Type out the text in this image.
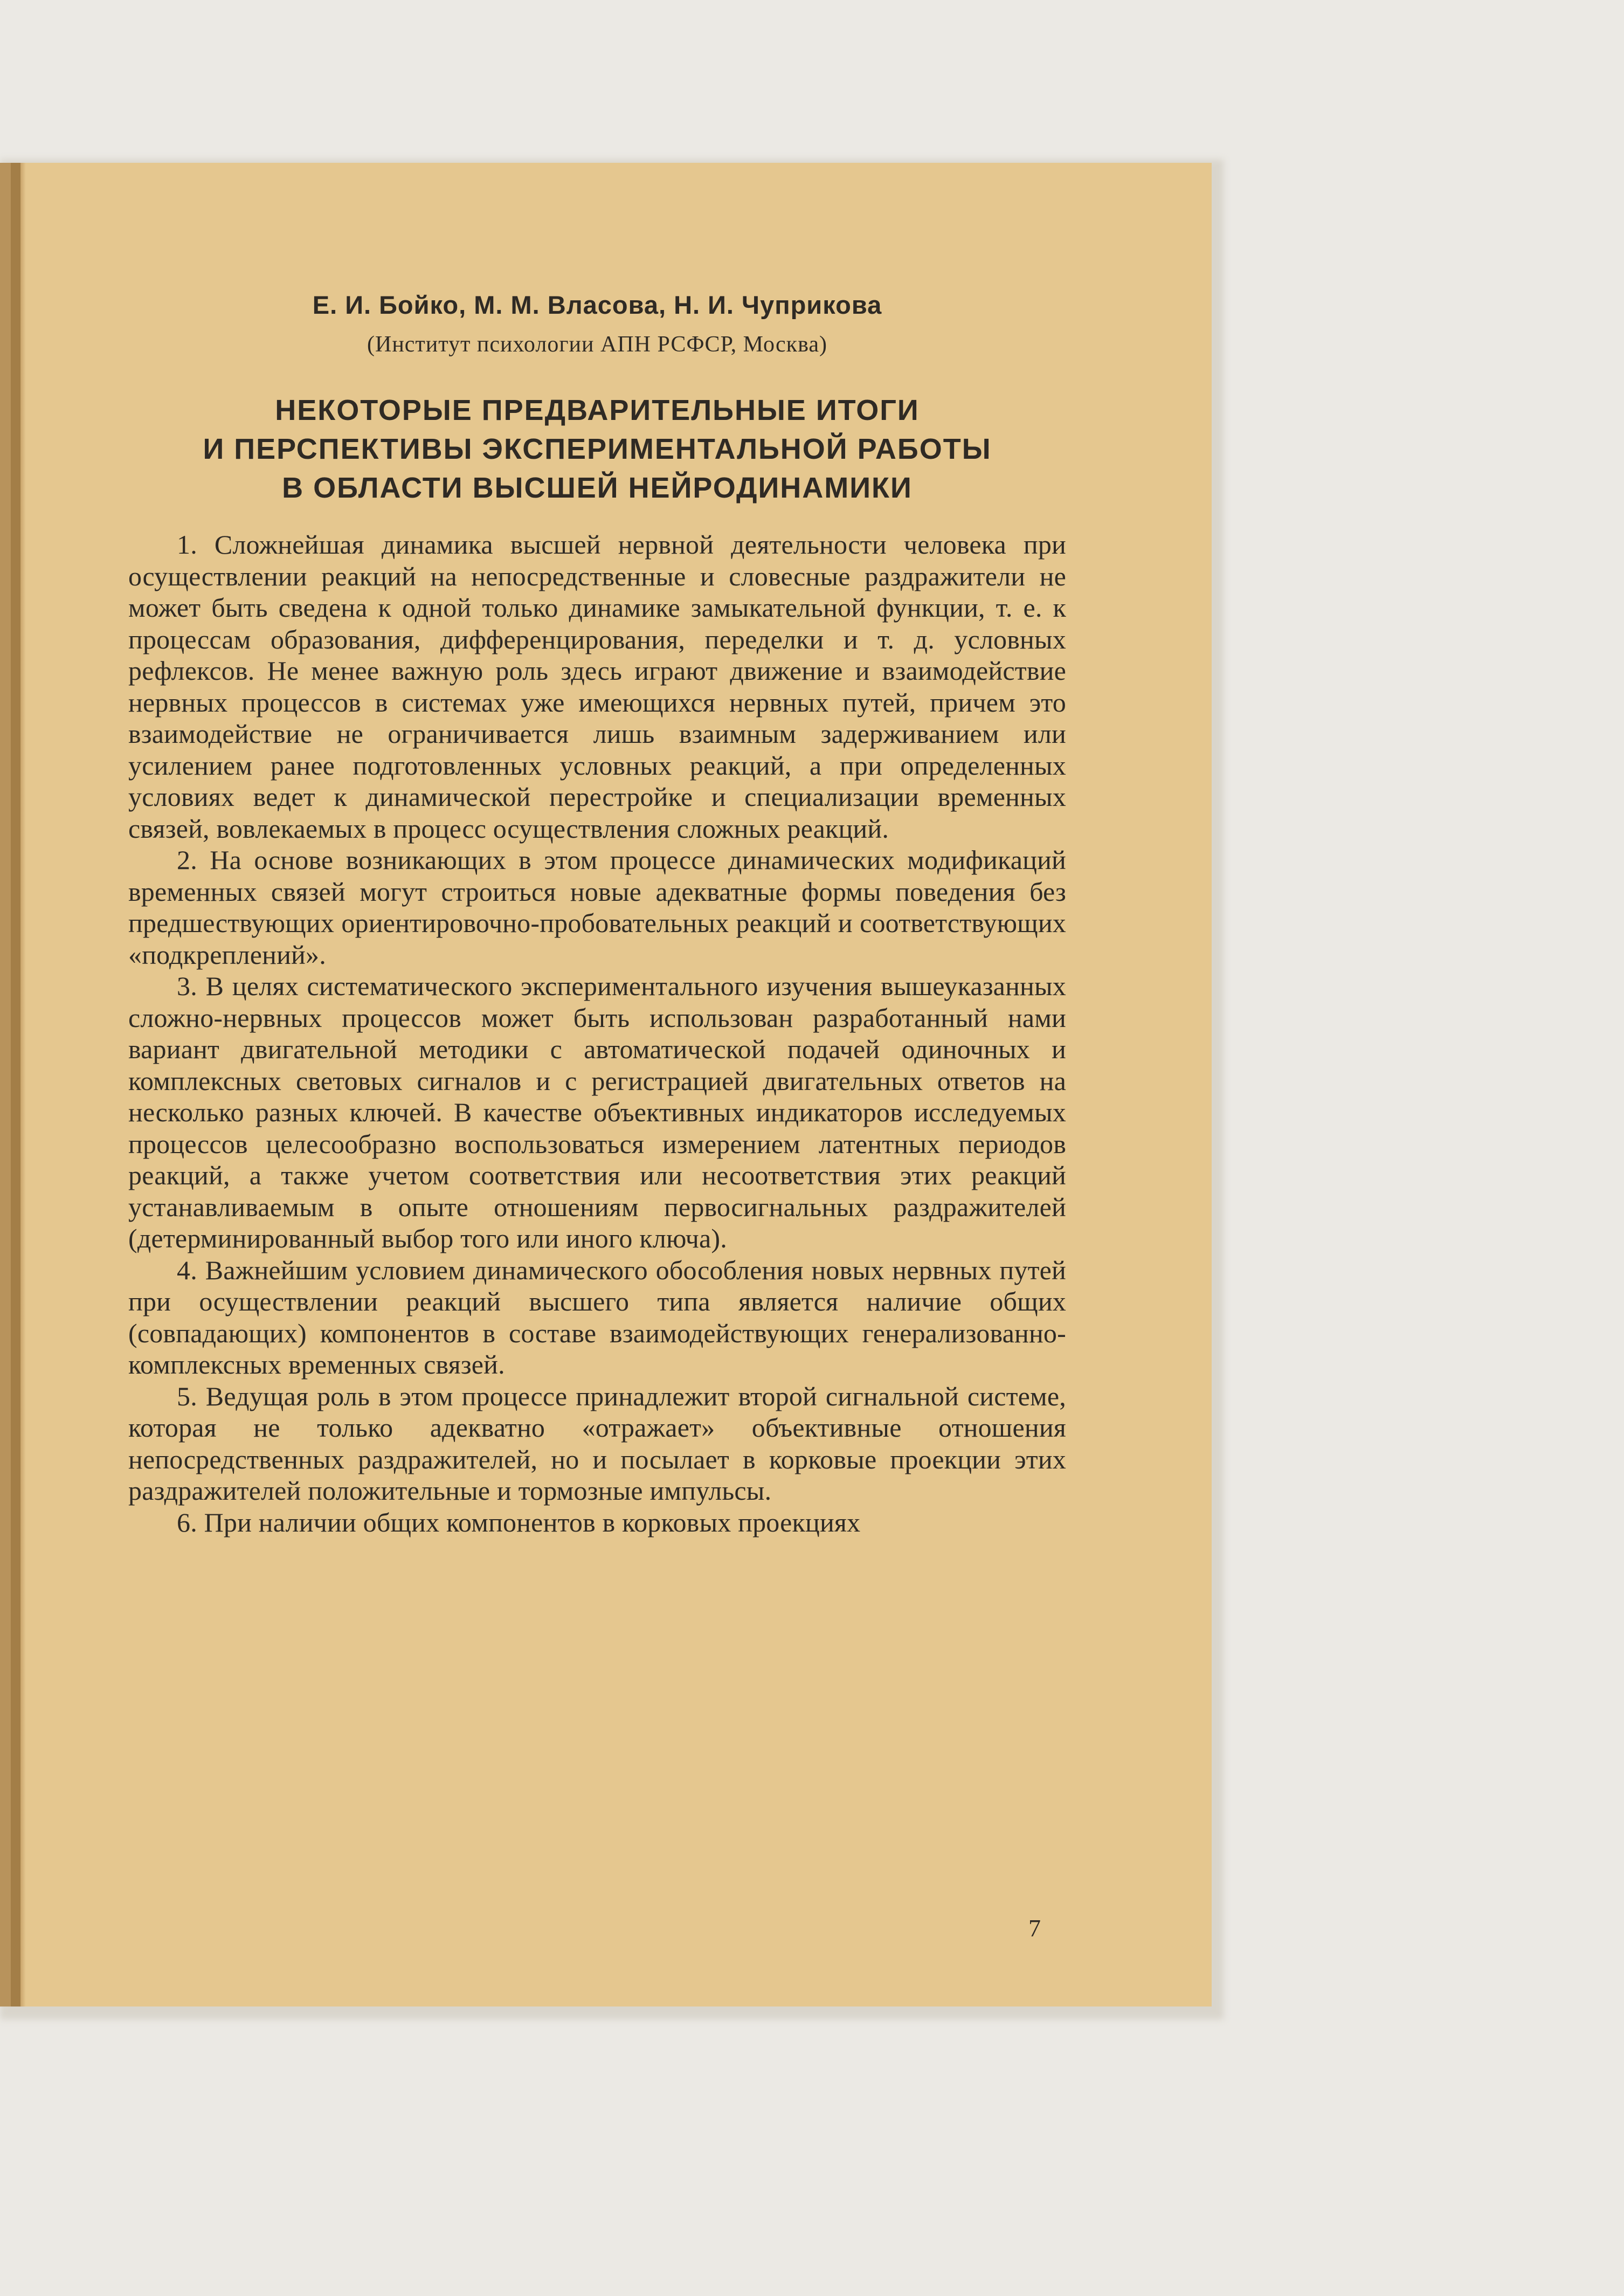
Е. И. Бойко, М. М. Власова, Н. И. Чуприкова

(Институт психологии АПН РСФСР, Москва)

НЕКОТОРЫЕ ПРЕДВАРИТЕЛЬНЫЕ ИТОГИ
И ПЕРСПЕКТИВЫ ЭКСПЕРИМЕНТАЛЬНОЙ РАБОТЫ
В ОБЛАСТИ ВЫСШЕЙ НЕЙРОДИНАМИКИ

1. Сложнейшая динамика высшей нервной деятельности человека при осуществлении реакций на непосредственные и словесные раздражители не может быть сведена к одной только динамике замыкательной функции, т. е. к процессам образования, дифференцирования, переделки и т. д. условных рефлексов. Не менее важную роль здесь играют движение и взаимодействие нервных процессов в системах уже имеющихся нервных путей, причем это взаимодействие не ограничивается лишь взаимным задерживанием или усилением ранее подготовленных условных реакций, а при определенных условиях ведет к динамической перестройке и специализации временных связей, вовлекаемых в процесс осуществления сложных реакций.

2. На основе возникающих в этом процессе динамических модификаций временных связей могут строиться новые адекватные формы поведения без предшествующих ориентировочно-пробовательных реакций и соответствующих «подкреплений».

3. В целях систематического экспериментального изучения вышеуказанных сложно-нервных процессов может быть использован разработанный нами вариант двигательной методики с автоматической подачей одиночных и комплексных световых сигналов и с регистрацией двигательных ответов на несколько разных ключей. В качестве объективных индикаторов исследуемых процессов целесообразно воспользоваться измерением латентных периодов реакций, а также учетом соответствия или несоответствия этих реакций устанавливаемым в опыте отношениям первосигнальных раздражителей (детерминированный выбор того или иного ключа).

4. Важнейшим условием динамического обособления новых нервных путей при осуществлении реакций высшего типа является наличие общих (совпадающих) компонентов в составе взаимодействующих генерализованно-комплексных временных связей.

5. Ведущая роль в этом процессе принадлежит второй сигнальной системе, которая не только адекватно «отражает» объективные отношения непосредственных раздражителей, но и посылает в корковые проекции этих раздражителей положительные и тормозные импульсы.

6. При наличии общих компонентов в корковых проекциях

7
